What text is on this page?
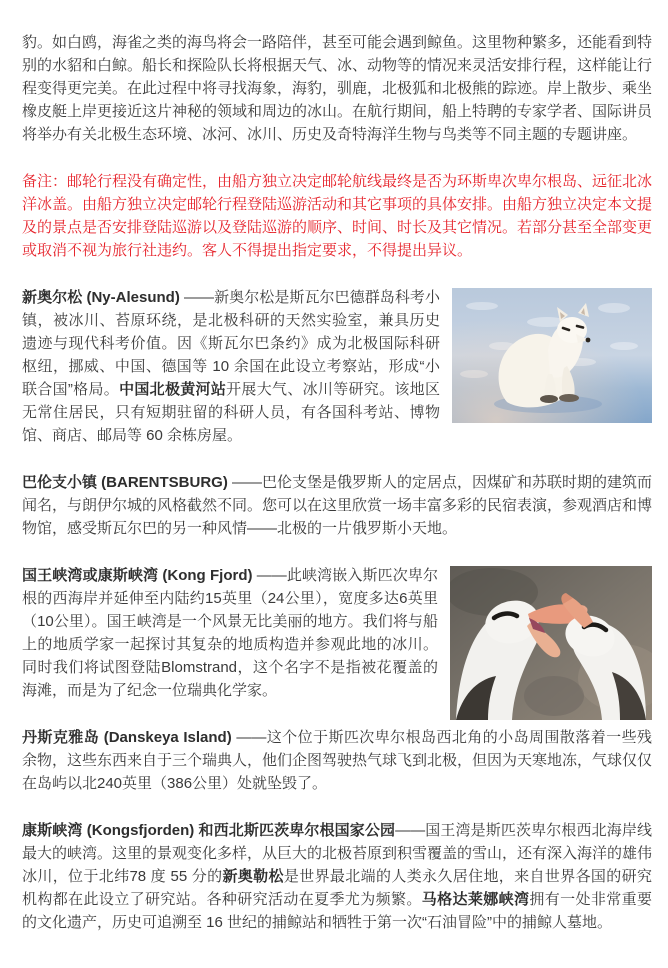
豹。如白鸥，海雀之类的海鸟将会一路陪伴，甚至可能会遇到鲸鱼。这里物种繁多，还能看到特别的水貂和白鲸。船长和探险队长将根据天气、冰、动物等的情况来灵活安排行程，这样能让行程变得更完美。在此过程中将寻找海象，海豹，驯鹿，北极狐和北极熊的踪迹。岸上散步、乘坐橡皮艇上岸更接近这片神秘的领域和周边的冰山。在航行期间，船上特聘的专家学者、国际讲员将举办有关北极生态环境、冰河、冰川、历史及奇特海洋生物与鸟类等不同主题的专题讲座。

备注：邮轮行程没有确定性，由船方独立决定邮轮航线最终是否为环斯卑次卑尔根岛、远征北冰洋冰盖。由船方独立决定邮轮行程登陆巡游活动和其它事项的具体安排。由船方独立决定本文提及的景点是否安排登陆巡游以及登陆巡游的顺序、时间、时长及其它情况。若部分甚至全部变更或取消不视为旅行社违约。客人不得提出指定要求，不得提出异议。

新奥尔松 (Ny-Alesund) ——新奥尔松是斯瓦尔巴德群岛科考小镇，被冰川、苔原环绕，是北极科研的天然实验室，兼具历史遗迹与现代科考价值。因《斯瓦尔巴条约》成为北极国际科研枢纽，挪威、中国、德国等 10 余国在此设立考察站，形成“小联合国”格局。中国北极黄河站开展大气、冰川等研究。该地区无常住居民，只有短期驻留的科研人员，有各国科考站、博物馆、商店、邮局等 60 余栋房屋。

巴伦支小镇 (BARENTSBURG) ——巴伦支堡是俄罗斯人的定居点，因煤矿和苏联时期的建筑而闻名，与朗伊尔城的风格截然不同。您可以在这里欣赏一场丰富多彩的民宿表演，参观酒店和博物馆，感受斯瓦尔巴的另一种风情——北极的一片俄罗斯小天地。

国王峡湾或康斯峡湾 (Kong Fjord) ——此峡湾嵌入斯匹次卑尔根的西海岸并延伸至内陆约15英里（24公里），宽度多达6英里（10公里）。国王峡湾是一个风景无比美丽的地方。我们将与船上的地质学家一起探讨其复杂的地质构造并参观此地的冰川。同时我们将试图登陆Blomstrand，这个名字不是指被花覆盖的海滩，而是为了纪念一位瑞典化学家。

丹斯克雅岛 (Danskeya Island) ——这个位于斯匹次卑尔根岛西北角的小岛周围散落着一些残余物，这些东西来自于三个瑞典人，他们企图驾驶热气球飞到北极，但因为天寒地冻，气球仅仅在岛屿以北240英里（386公里）处就坠毁了。

康斯峡湾 (Kongsfjorden) 和西北斯匹茨卑尔根国家公园——国王湾是斯匹茨卑尔根西北海岸线最大的峡湾。这里的景观变化多样，从巨大的北极苔原到积雪覆盖的雪山，还有深入海洋的雄伟冰川，位于北纬78 度 55 分的新奥勒松是世界最北端的人类永久居住地，来自世界各国的研究机构都在此设立了研究站。各种研究活动在夏季尤为频繁。马格达莱娜峡湾拥有一处非常重要的文化遗产，历史可追溯至 16 世纪的捕鲸站和牺牲于第一次“石油冒险”中的捕鲸人墓地。
